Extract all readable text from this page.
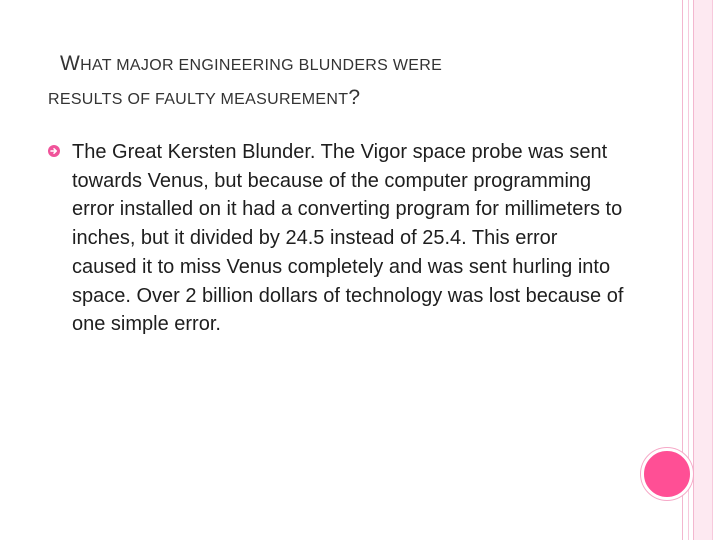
WHAT MAJOR ENGINEERING BLUNDERS WERE
RESULTS OF FAULTY MEASUREMENT?
The Great Kersten Blunder. The Vigor space probe was sent towards Venus, but because of the computer programming error installed on it had a converting program for millimeters to inches, but it divided by 24.5 instead of 25.4. This error caused it to miss Venus completely and was sent hurling into space. Over 2 billion dollars of technology was lost because of one simple error.
